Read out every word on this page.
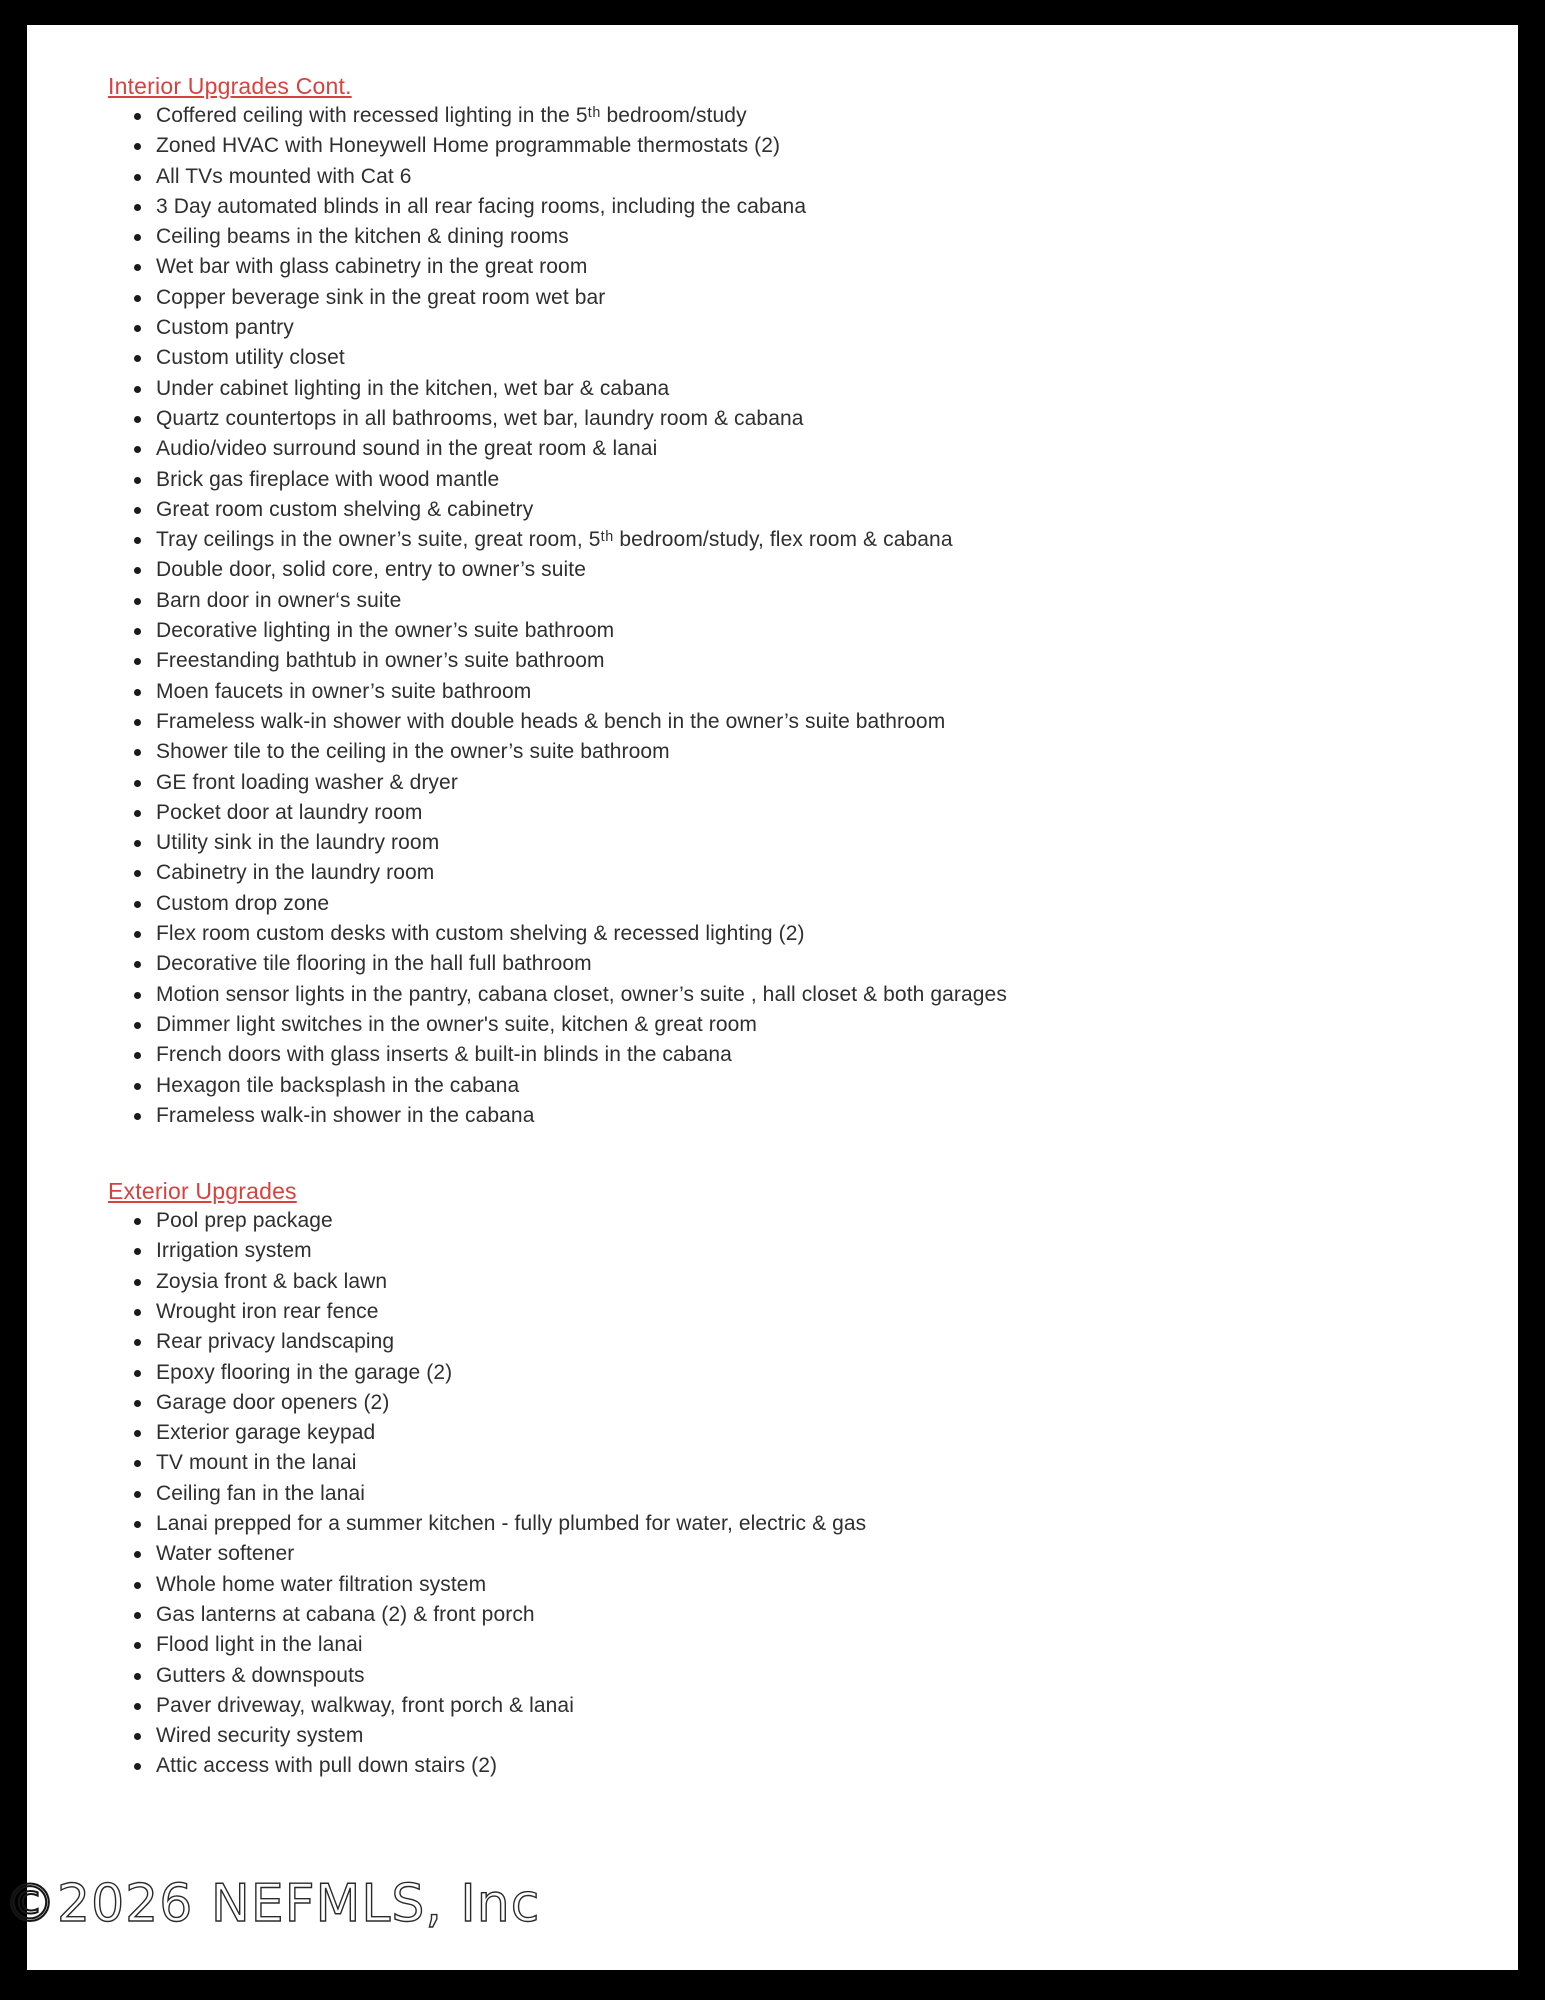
Interior Upgrades Cont.
Coffered ceiling with recessed lighting in the 5ᵗʰ bedroom/study
Zoned HVAC with Honeywell Home programmable thermostats (2)
All TVs mounted with Cat 6
3 Day automated blinds in all rear facing rooms, including the cabana
Ceiling beams in the kitchen & dining rooms
Wet bar with glass cabinetry in the great room
Copper beverage sink in the great room wet bar
Custom pantry
Custom utility closet
Under cabinet lighting in the kitchen, wet bar & cabana
Quartz countertops in all bathrooms, wet bar, laundry room & cabana
Audio/video surround sound in the great room & lanai
Brick gas fireplace with wood mantle
Great room custom shelving & cabinetry
Tray ceilings in the owner’s suite, great room, 5ᵗʰ bedroom/study, flex room & cabana
Double door, solid core, entry to owner’s suite
Barn door in owner‘s suite
Decorative lighting in the owner’s suite bathroom
Freestanding bathtub in owner’s suite bathroom
Moen faucets in owner’s suite bathroom
Frameless walk-in shower with double heads & bench in the owner’s suite bathroom
Shower tile to the ceiling in the owner’s suite bathroom
GE front loading washer & dryer
Pocket door at laundry room
Utility sink in the laundry room
Cabinetry in the laundry room
Custom drop zone
Flex room custom desks with custom shelving & recessed lighting (2)
Decorative tile flooring in the hall full bathroom
Motion sensor lights in the pantry, cabana closet, owner’s suite , hall closet & both garages
Dimmer light switches in the owner's suite, kitchen & great room
French doors with glass inserts & built-in blinds in the cabana
Hexagon tile backsplash in the cabana
Frameless walk-in shower in the cabana
Exterior Upgrades
Pool prep package
Irrigation system
Zoysia front & back lawn
Wrought iron rear fence
Rear privacy landscaping
Epoxy flooring in the garage (2)
Garage door openers (2)
Exterior garage keypad
TV mount in the lanai
Ceiling fan in the lanai
Lanai prepped for a summer kitchen - fully plumbed for water, electric & gas
Water softener
Whole home water filtration system
Gas lanterns at cabana (2) & front porch
Flood light in the lanai
Gutters & downspouts
Paver driveway, walkway, front porch & lanai
Wired security system
Attic access with pull down stairs (2)
©2026 NEFMLS, Inc
